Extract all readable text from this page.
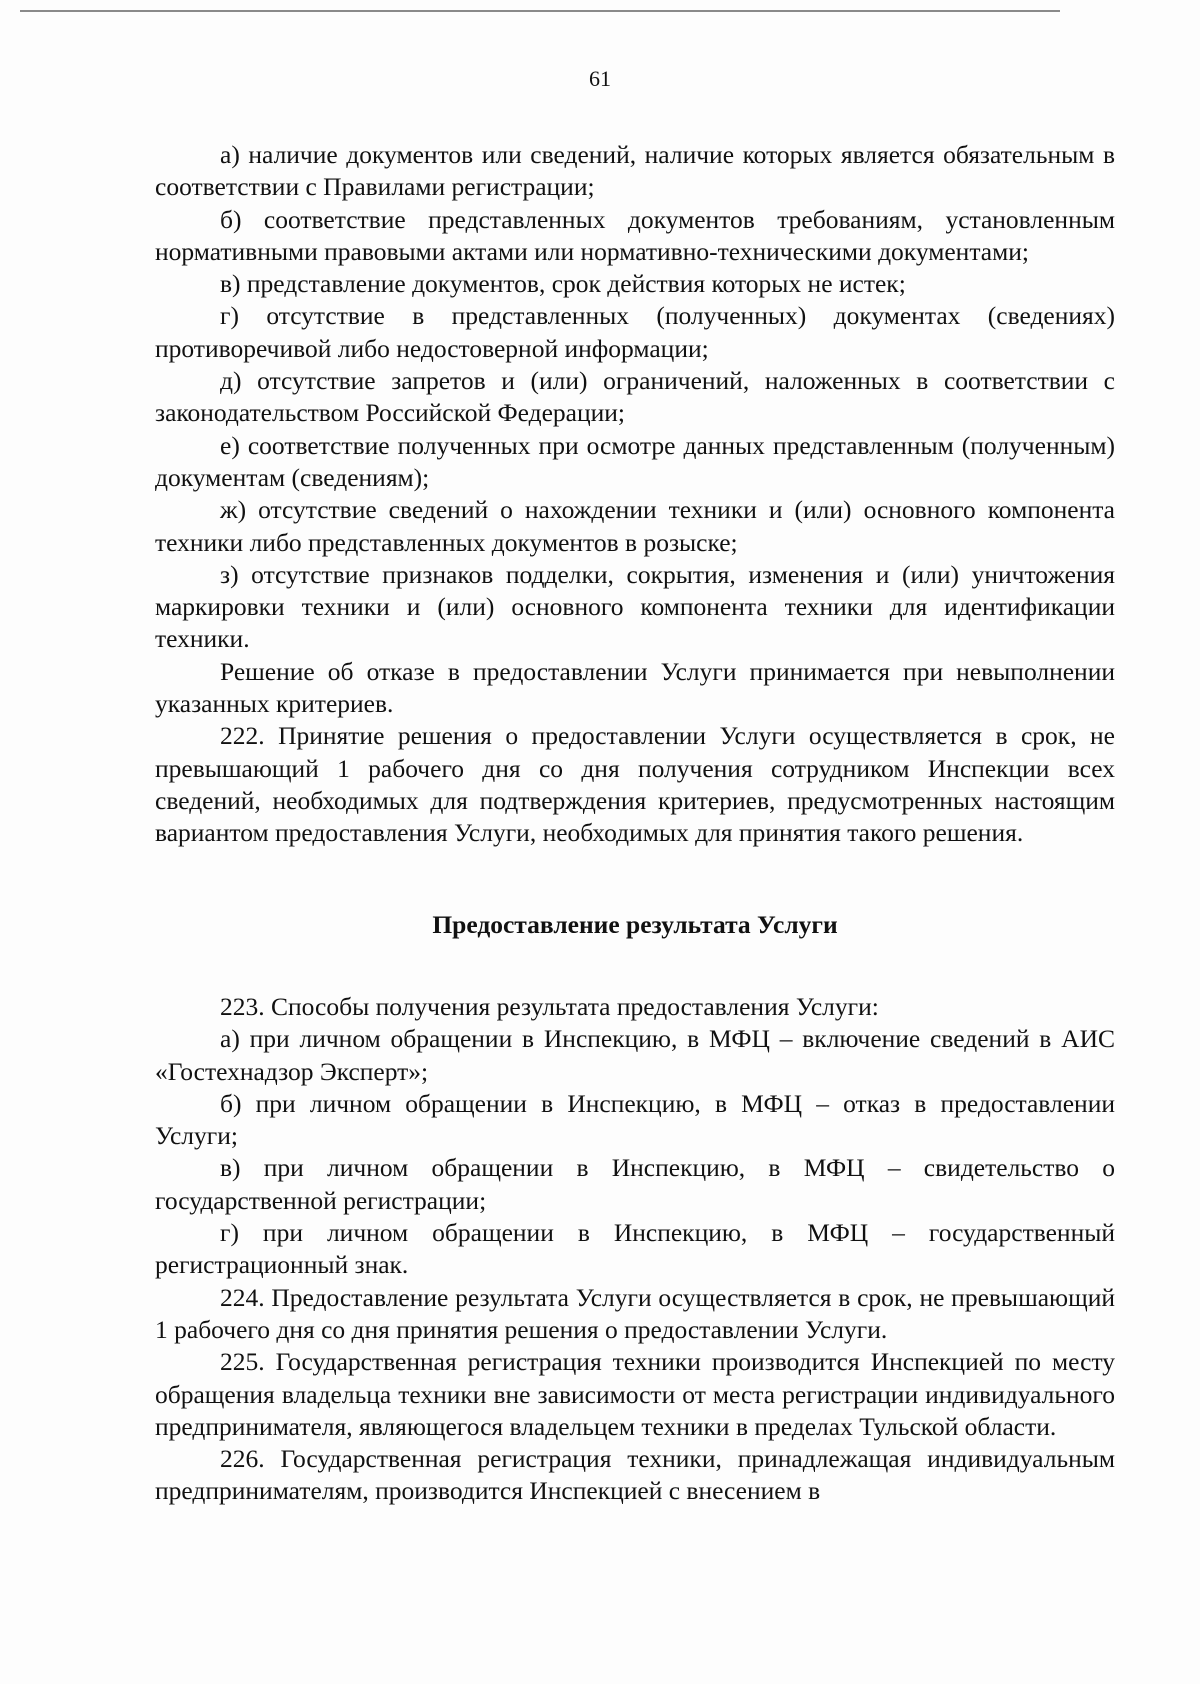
61

а) наличие документов или сведений, наличие которых является обязательным в соответствии с Правилами регистрации;

б) соответствие представленных документов требованиям, установленным нормативными правовыми актами или нормативно-техническими документами;

в) представление документов, срок действия которых не истек;

г) отсутствие в представленных (полученных) документах (сведениях) противоречивой либо недостоверной информации;

д) отсутствие запретов и (или) ограничений, наложенных в соответствии с законодательством Российской Федерации;

е) соответствие полученных при осмотре данных представленным (полученным) документам (сведениям);

ж) отсутствие сведений о нахождении техники и (или) основного компонента техники либо представленных документов в розыске;

з) отсутствие признаков подделки, сокрытия, изменения и (или) уничтожения маркировки техники и (или) основного компонента техники для идентификации техники.

Решение об отказе в предоставлении Услуги принимается при невыполнении указанных критериев.

222. Принятие решения о предоставлении Услуги осуществляется в срок, не превышающий 1 рабочего дня со дня получения сотрудником Инспекции всех сведений, необходимых для подтверждения критериев, предусмотренных настоящим вариантом предоставления Услуги, необходимых для принятия такого решения.

Предоставление результата Услуги

223. Способы получения результата предоставления Услуги:

а) при личном обращении в Инспекцию, в МФЦ – включение сведений в АИС «Гостехнадзор Эксперт»;

б) при личном обращении в Инспекцию, в МФЦ – отказ в предоставлении Услуги;

в) при личном обращении в Инспекцию, в МФЦ – свидетельство о государственной регистрации;

г) при личном обращении в Инспекцию, в МФЦ – государственный регистрационный знак.

224. Предоставление результата Услуги осуществляется в срок, не превышающий 1 рабочего дня со дня принятия решения о предоставлении Услуги.

225. Государственная регистрация техники производится Инспекцией по месту обращения владельца техники вне зависимости от места регистрации индивидуального предпринимателя, являющегося владельцем техники в пределах Тульской области.

226. Государственная регистрация техники, принадлежащая индивидуальным предпринимателям, производится Инспекцией с внесением в
